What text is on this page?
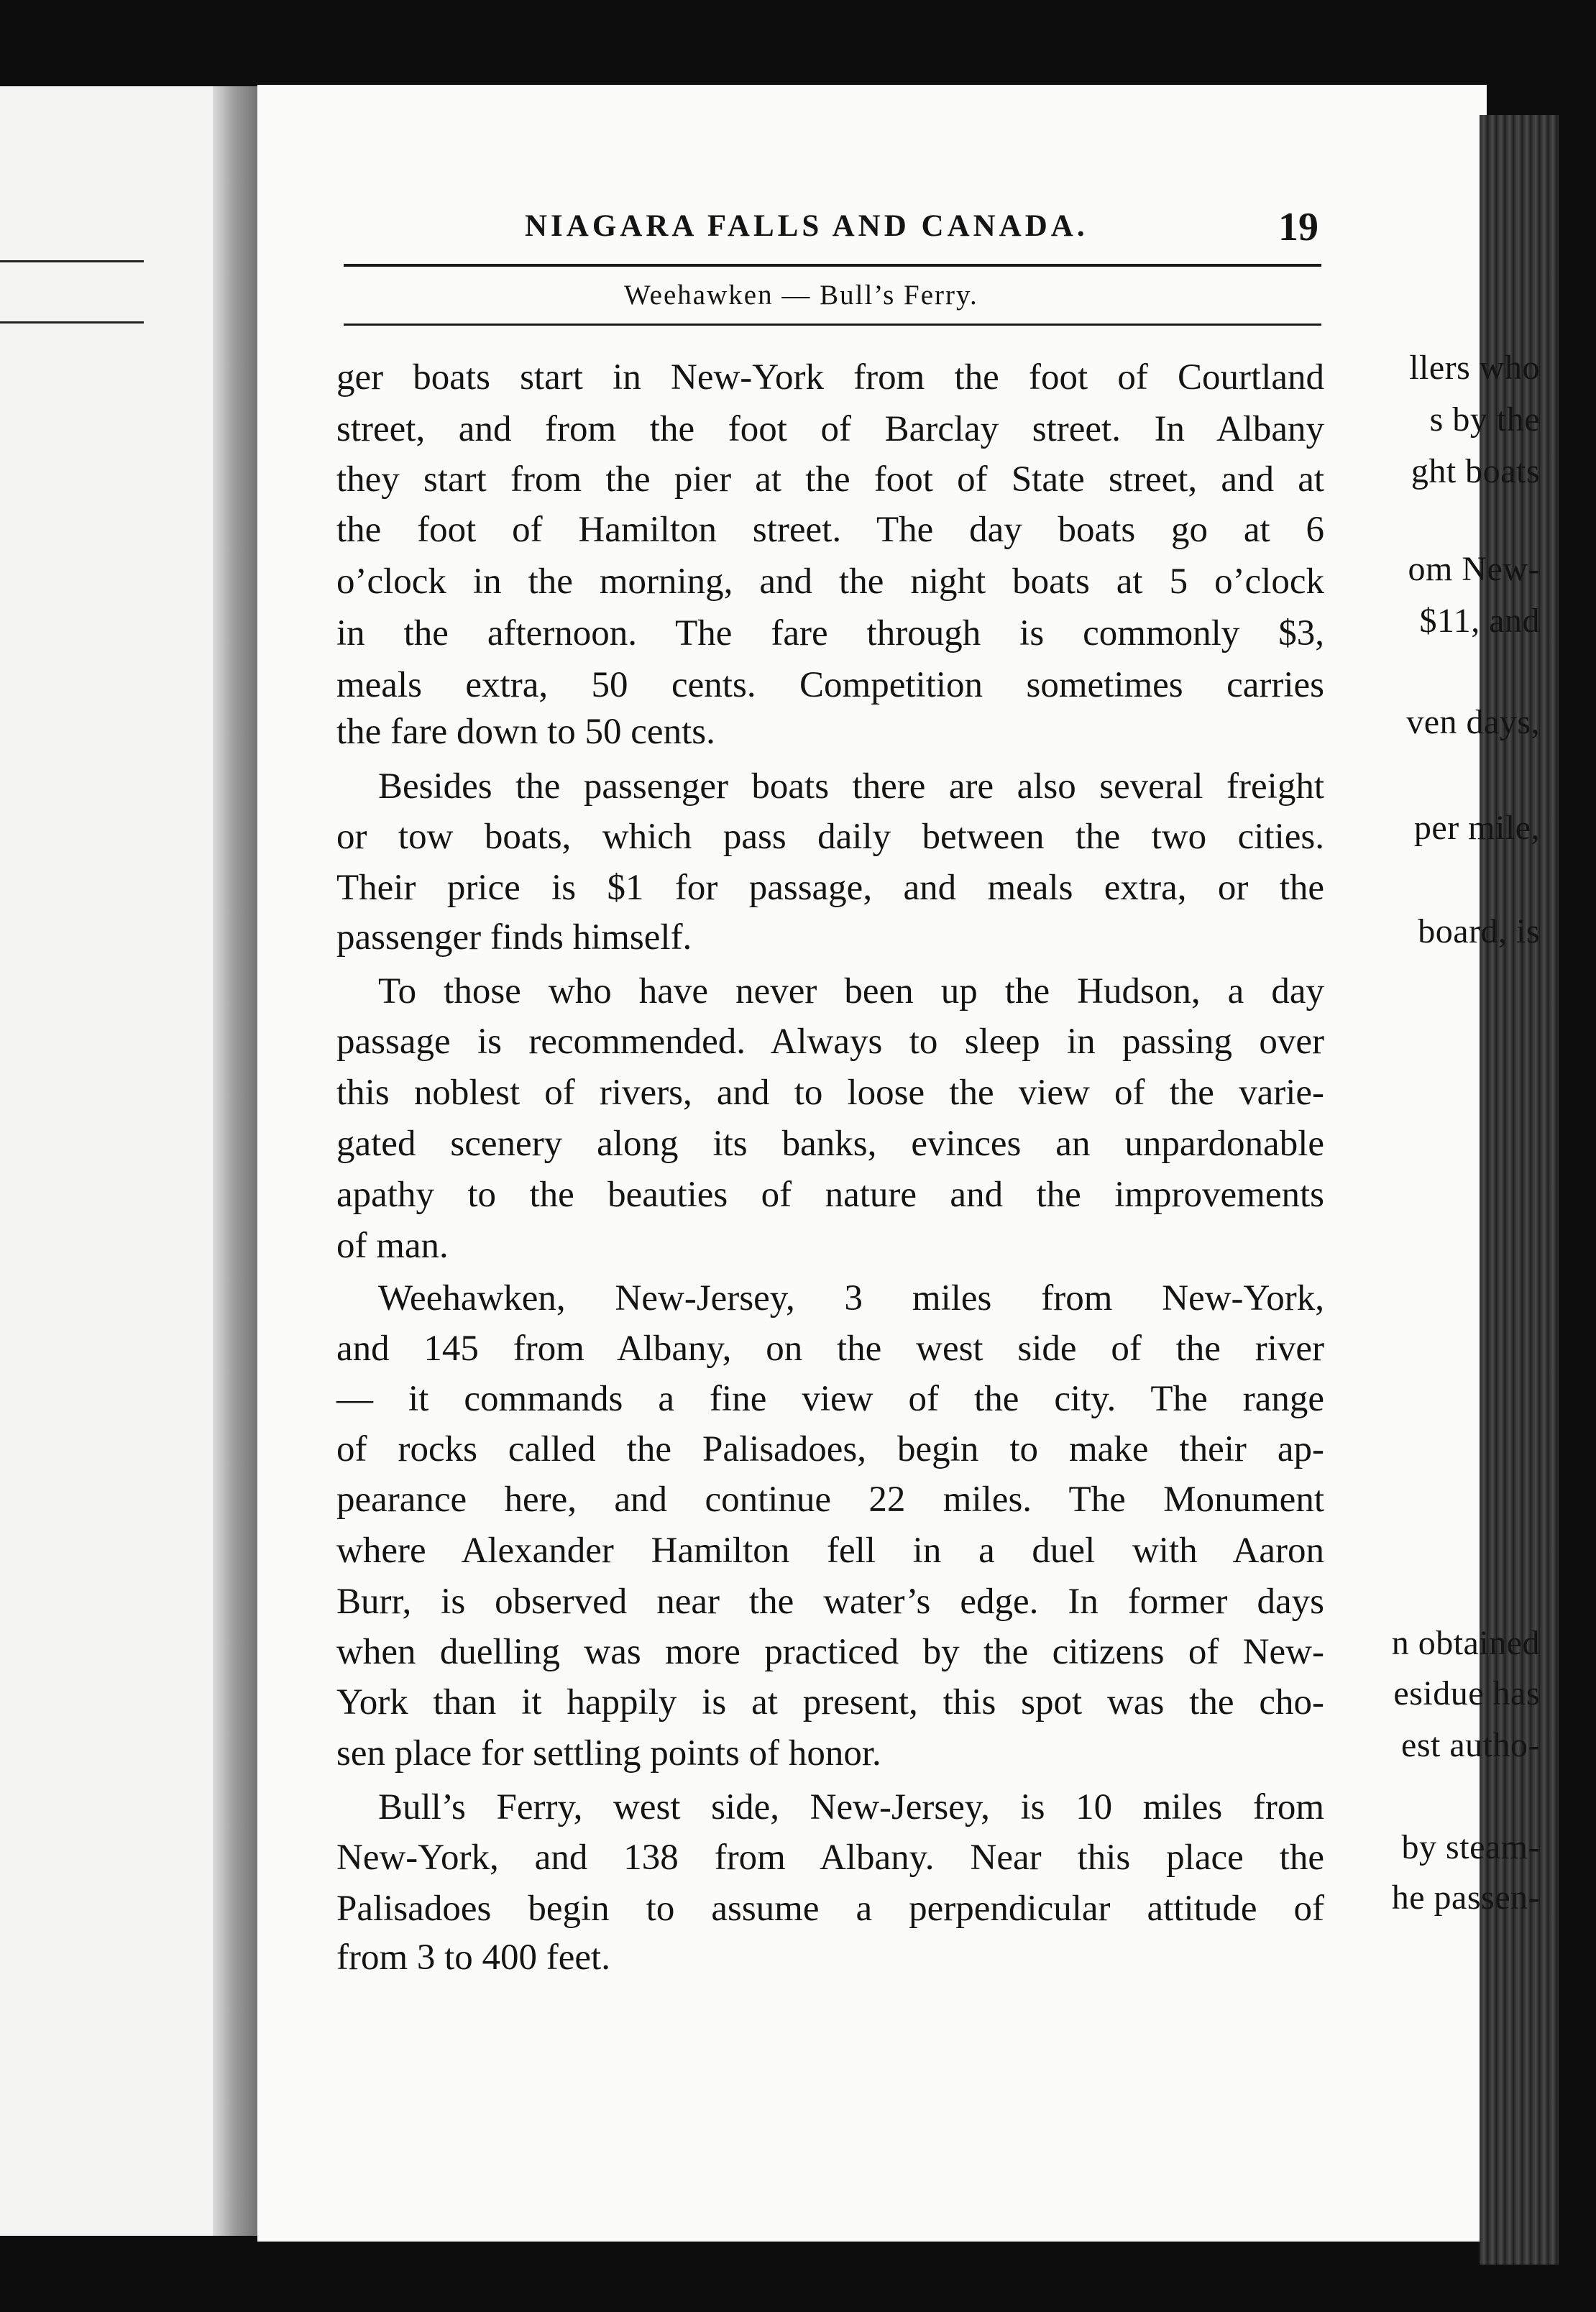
llers who
s by the
ght boats
om New-
$11, and
ven days,
per mile,
board, is
n obtained
esidue has
est autho-
by steam-
he passen-
NIAGARA FALLS AND CANADA.	19
Weehawken — Bull’s Ferry.
ger boats start in New-York from the foot of Courtland
street, and from the foot of Barclay street. In Albany
they start from the pier at the foot of State street, and at
the foot of Hamilton street. The day boats go at 6
o’clock in the morning, and the night boats at 5 o’clock
in the afternoon. The fare through is commonly $3,
meals extra, 50 cents. Competition sometimes carries
the fare down to 50 cents.
Besides the passenger boats there are also several freight
or tow boats, which pass daily between the two cities.
Their price is $1 for passage, and meals extra, or the
passenger finds himself.
To those who have never been up the Hudson, a day
passage is recommended. Always to sleep in passing over
this noblest of rivers, and to loose the view of the varie-
gated scenery along its banks, evinces an unpardonable
apathy to the beauties of nature and the improvements
of man.
Weehawken, New-Jersey, 3 miles from New-York,
and 145 from Albany, on the west side of the river
— it commands a fine view of the city. The range
of rocks called the Palisadoes, begin to make their ap-
pearance here, and continue 22 miles. The Monument
where Alexander Hamilton fell in a duel with Aaron
Burr, is observed near the water’s edge. In former days
when duelling was more practiced by the citizens of New-
York than it happily is at present, this spot was the cho-
sen place for settling points of honor.
Bull’s Ferry, west side, New-Jersey, is 10 miles from
New-York, and 138 from Albany. Near this place the
Palisadoes begin to assume a perpendicular attitude of
from 3 to 400 feet.
